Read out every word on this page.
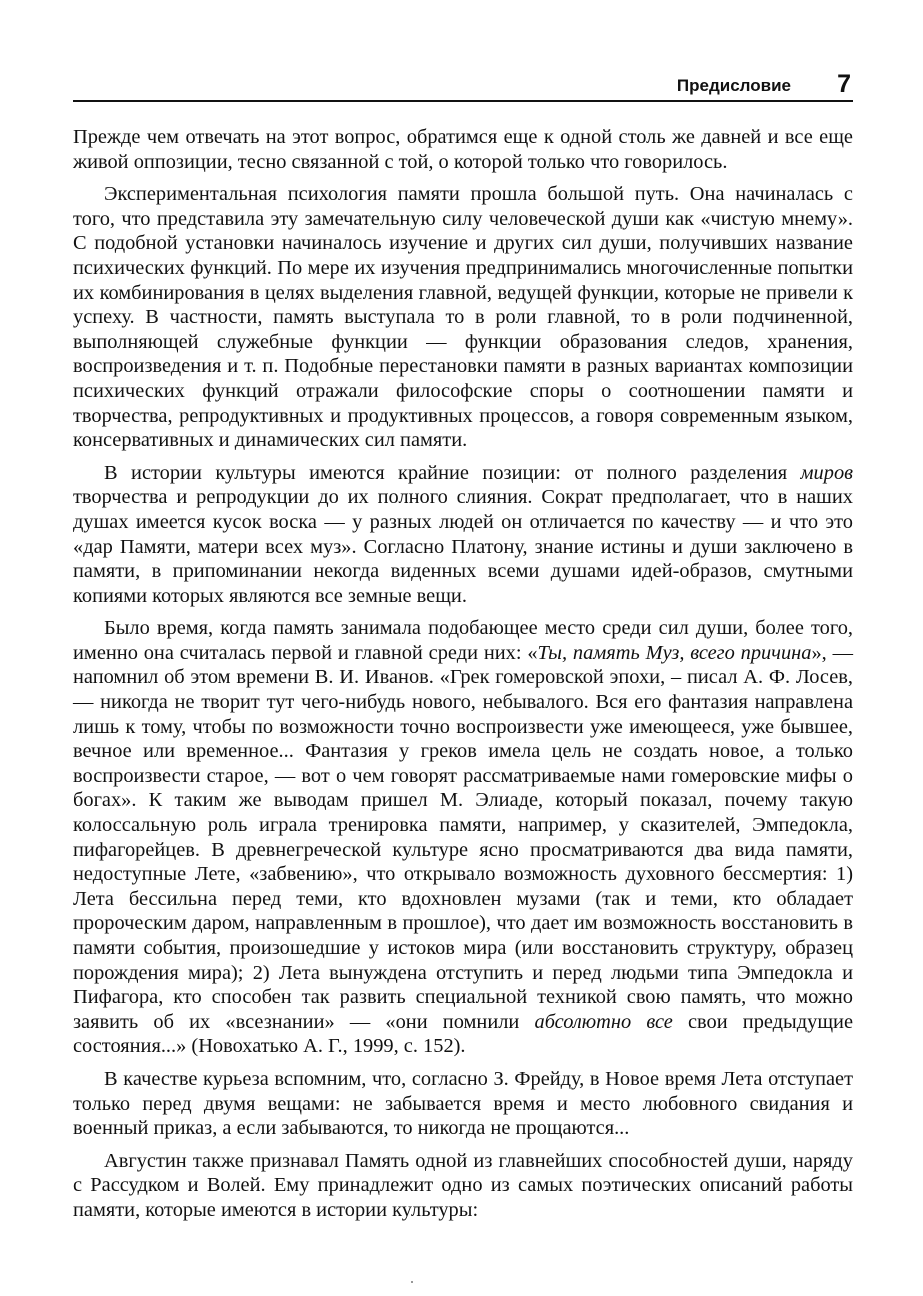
Предисловие 7

Прежде чем отвечать на этот вопрос, обратимся еще к одной столь же давней и все еще живой оппозиции, тесно связанной с той, о которой только что говорилось.

Экспериментальная психология памяти прошла большой путь. Она начиналась с того, что представила эту замечательную силу человеческой души как «чистую мнему». С подобной установки начиналось изучение и других сил души, получивших название психических функций. По мере их изучения предпринимались многочисленные попытки их комбинирования в целях выделения главной, ведущей функции, которые не привели к успеху. В частности, память выступала то в роли главной, то в роли подчиненной, выполняющей служебные функции — функции образования следов, хранения, воспроизведения и т. п. Подобные перестановки памяти в разных вариантах композиции психических функций отражали философские споры о соотношении памяти и творчества, репродуктивных и продуктивных процессов, а говоря современным языком, консервативных и динамических сил памяти.

В истории культуры имеются крайние позиции: от полного разделения миров творчества и репродукции до их полного слияния. Сократ предполагает, что в наших душах имеется кусок воска — у разных людей он отличается по качеству — и что это «дар Памяти, матери всех муз». Согласно Платону, знание истины и души заключено в памяти, в припоминании некогда виденных всеми душами идей-образов, смутными копиями которых являются все земные вещи.

Было время, когда память занимала подобающее место среди сил души, более того, именно она считалась первой и главной среди них: «Ты, память Муз, всего причина», — напомнил об этом времени В. И. Иванов. «Грек гомеровской эпохи, – писал А. Ф. Лосев, — никогда не творит тут чего-нибудь нового, небывалого. Вся его фантазия направлена лишь к тому, чтобы по возможности точно воспроизвести уже имеющееся, уже бывшее, вечное или временное... Фантазия у греков имела цель не создать новое, а только воспроизвести старое, — вот о чем говорят рассматриваемые нами гомеровские мифы о богах». К таким же выводам пришел М. Элиаде, который показал, почему такую колоссальную роль играла тренировка памяти, например, у сказителей, Эмпедокла, пифагорейцев. В древнегреческой культуре ясно просматриваются два вида памяти, недоступные Лете, «забвению», что открывало возможность духовного бессмертия: 1) Лета бессильна перед теми, кто вдохновлен музами (так и теми, кто обладает пророческим даром, направленным в прошлое), что дает им возможность восстановить в памяти события, произошедшие у истоков мира (или восстановить структуру, образец порождения мира); 2) Лета вынуждена отступить и перед людьми типа Эмпедокла и Пифагора, кто способен так развить специальной техникой свою память, что можно заявить об их «всезнании» — «они помнили абсолютно все свои предыдущие состояния...» (Новохатько А. Г., 1999, с. 152).

В качестве курьеза вспомним, что, согласно З. Фрейду, в Новое время Лета отступает только перед двумя вещами: не забывается время и место любовного свидания и военный приказ, а если забываются, то никогда не прощаются...

Августин также признавал Память одной из главнейших способностей души, наряду с Рассудком и Волей. Ему принадлежит одно из самых поэтических описаний работы памяти, которые имеются в истории культуры:
